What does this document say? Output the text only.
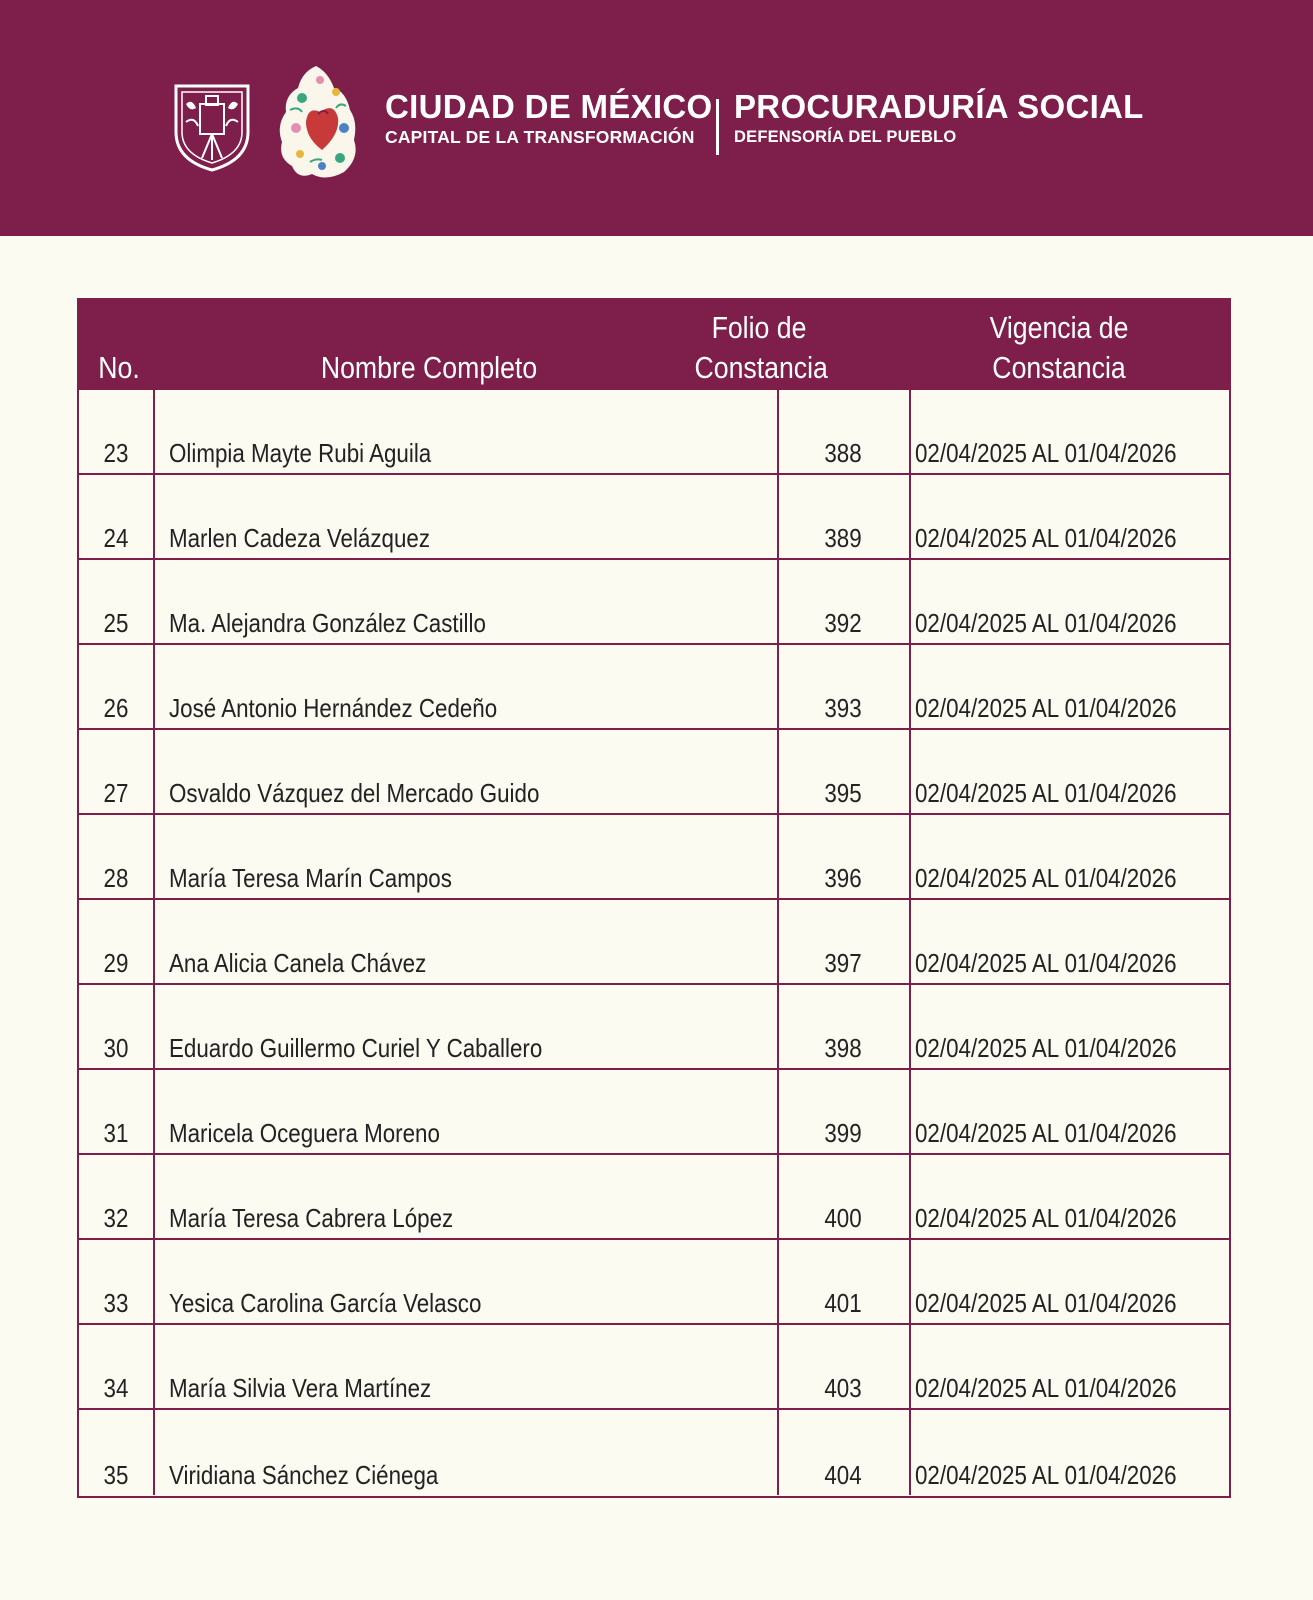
CIUDAD DE MÉXICO
CAPITAL DE LA TRANSFORMACIÓN
PROCURADURÍA SOCIAL
DEFENSORÍA DEL PUEBLO
No.	Nombre Completo
Folio de
Constancia
Vigencia de
Constancia
23	Olimpia Mayte Rubi Aguila	388	02/04/2025 AL 01/04/2026
24	Marlen Cadeza Velázquez	389	02/04/2025 AL 01/04/2026
25	Ma. Alejandra González Castillo	392	02/04/2025 AL 01/04/2026
26	José Antonio Hernández Cedeño	393	02/04/2025 AL 01/04/2026
27	Osvaldo Vázquez del Mercado Guido	395	02/04/2025 AL 01/04/2026
28	María Teresa Marín Campos	396	02/04/2025 AL 01/04/2026
29	Ana Alicia Canela Chávez	397	02/04/2025 AL 01/04/2026
30	Eduardo Guillermo Curiel Y Caballero	398	02/04/2025 AL 01/04/2026
31	Maricela Oceguera Moreno	399	02/04/2025 AL 01/04/2026
32	María Teresa Cabrera López	400	02/04/2025 AL 01/04/2026
33	Yesica Carolina García Velasco	401	02/04/2025 AL 01/04/2026
34	María Silvia Vera Martínez	403	02/04/2025 AL 01/04/2026
35	Viridiana Sánchez Ciénega	404	02/04/2025 AL 01/04/2026
